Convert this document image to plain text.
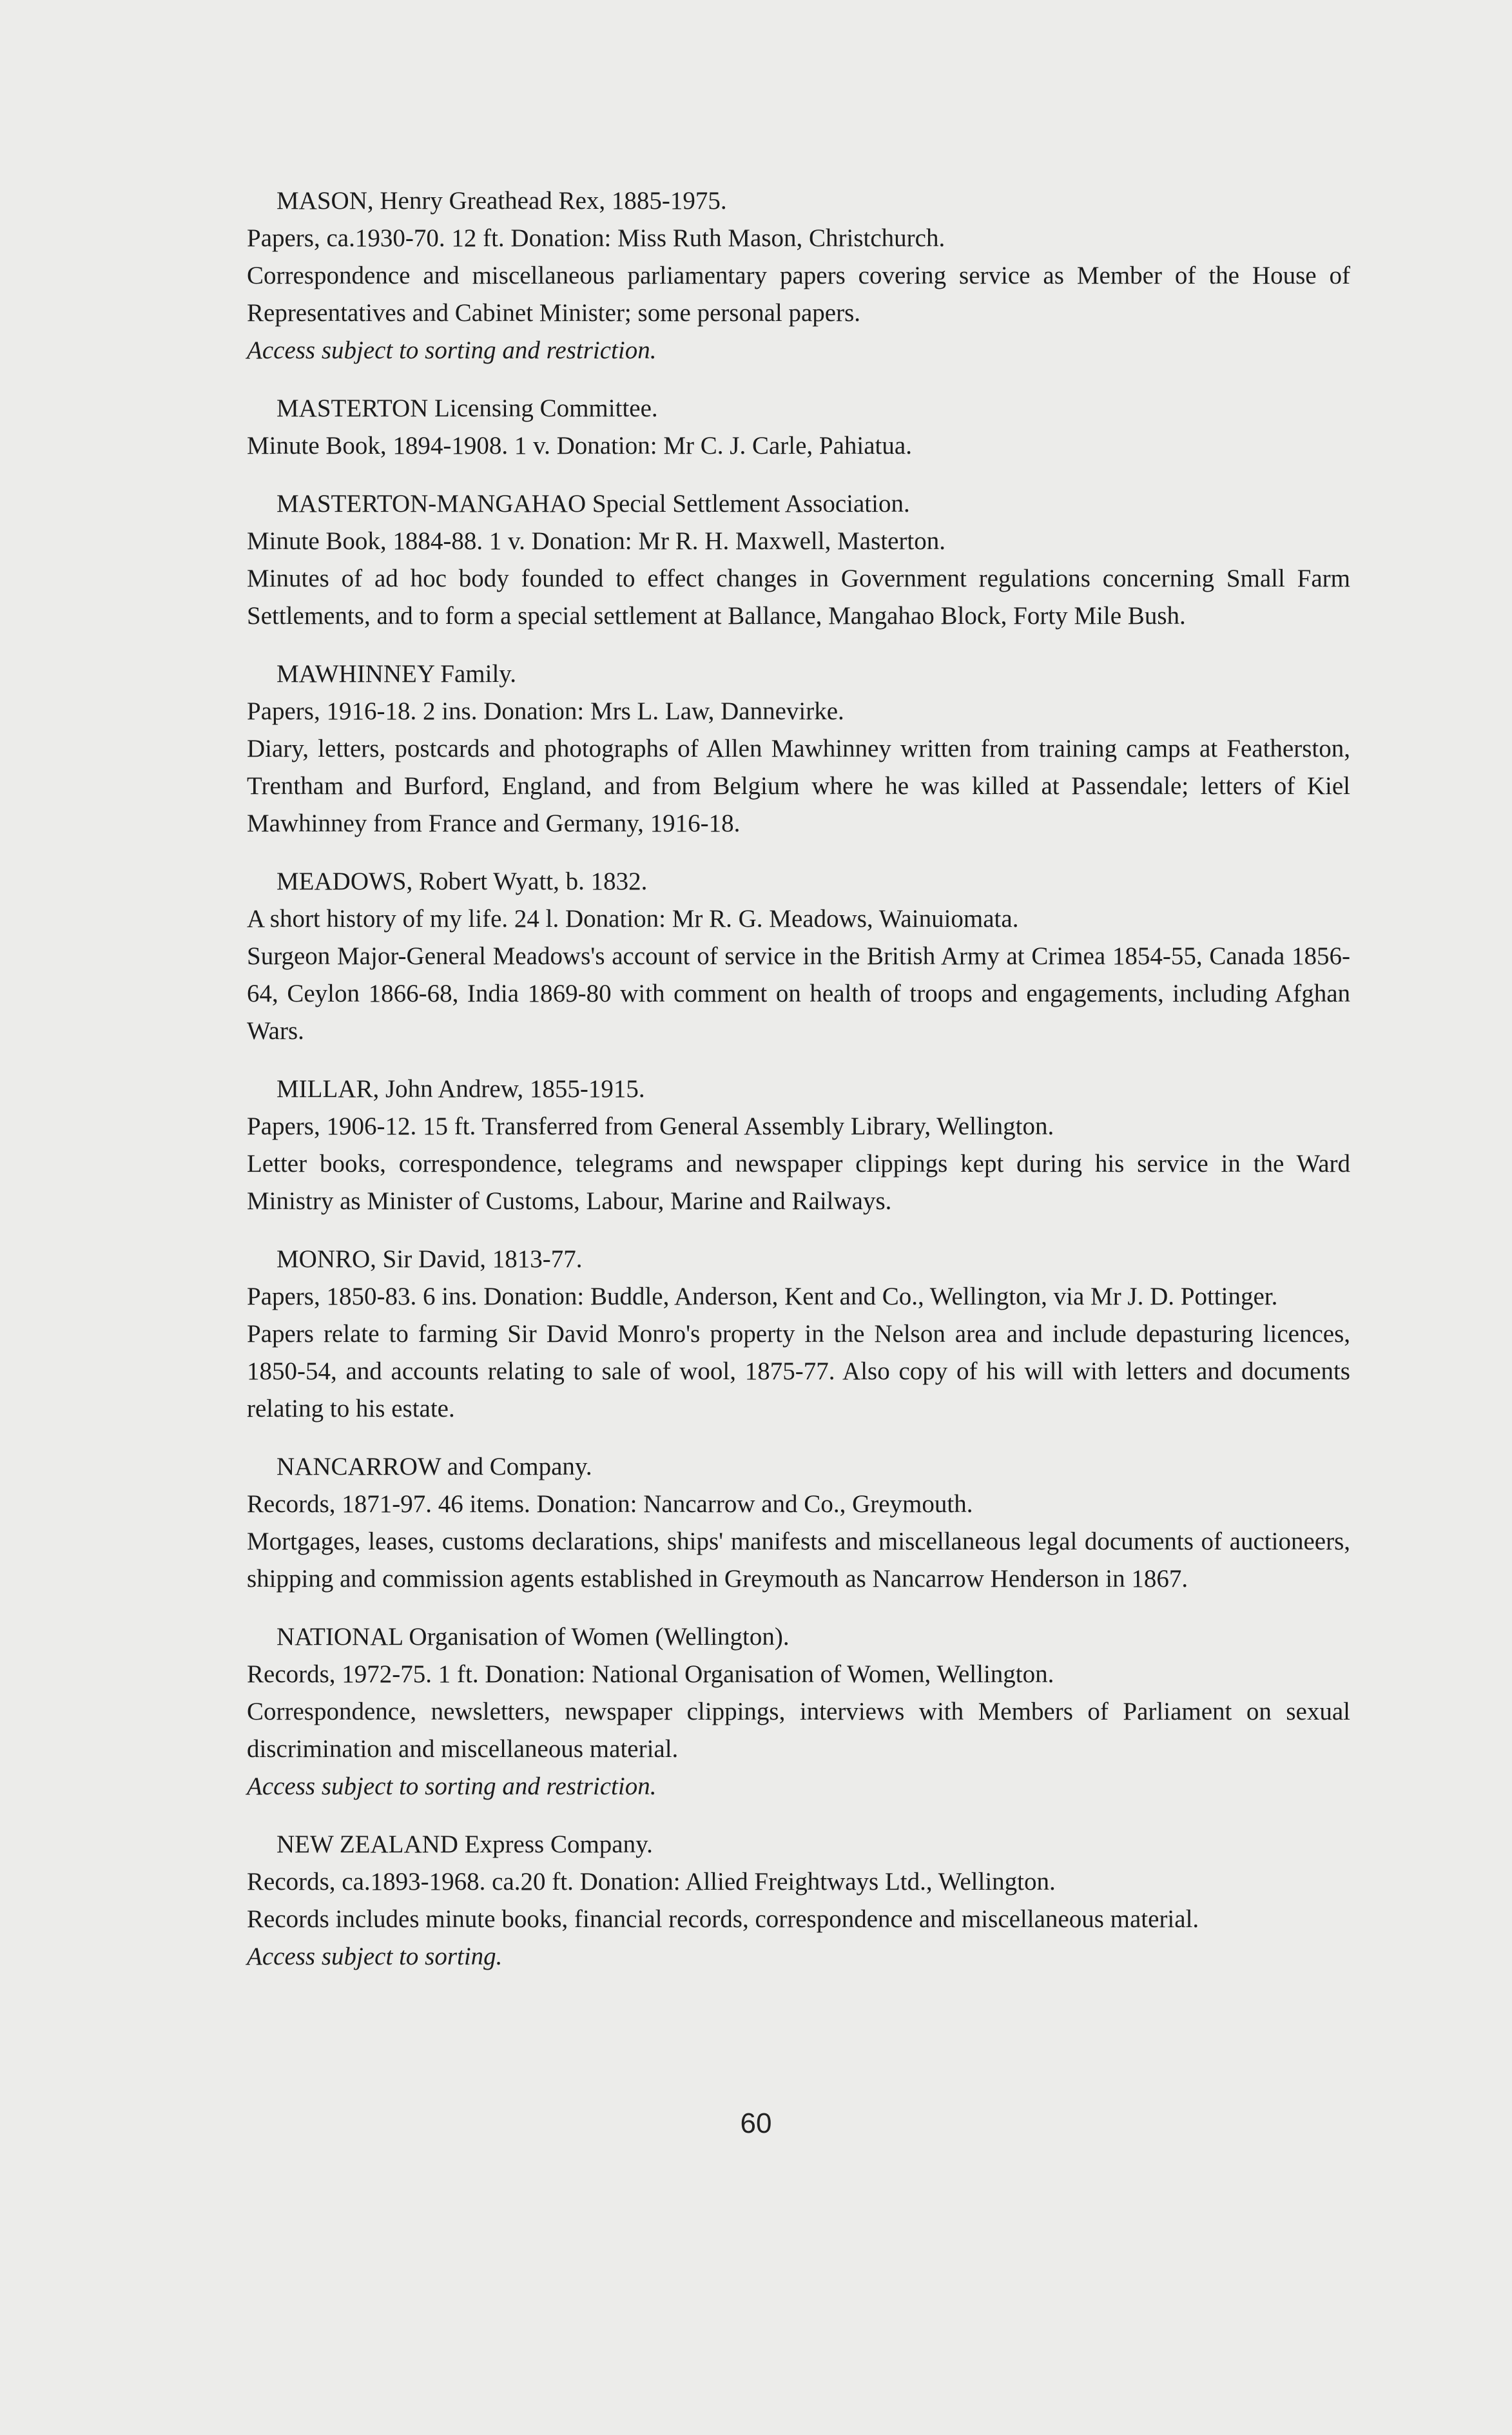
MASON, Henry Greathead Rex, 1885-1975.

Papers, ca.1930-70. 12 ft. Donation: Miss Ruth Mason, Christchurch.

Correspondence and miscellaneous parliamentary papers covering service as Member of the House of Representatives and Cabinet Minister; some personal papers.

Access subject to sorting and restriction.

MASTERTON Licensing Committee.

Minute Book, 1894-1908. 1 v. Donation: Mr C. J. Carle, Pahiatua.

MASTERTON-MANGAHAO Special Settlement Association.

Minute Book, 1884-88. 1 v. Donation: Mr R. H. Maxwell, Masterton.

Minutes of ad hoc body founded to effect changes in Government regulations concerning Small Farm Settlements, and to form a special settlement at Ballance, Mangahao Block, Forty Mile Bush.

MAWHINNEY Family.

Papers, 1916-18. 2 ins. Donation: Mrs L. Law, Dannevirke.

Diary, letters, postcards and photographs of Allen Mawhinney written from training camps at Featherston, Trentham and Burford, England, and from Belgium where he was killed at Passendale; letters of Kiel Mawhinney from France and Germany, 1916-18.

MEADOWS, Robert Wyatt, b. 1832.

A short history of my life. 24 l. Donation: Mr R. G. Meadows, Wainuiomata.

Surgeon Major-General Meadows's account of service in the British Army at Crimea 1854-55, Canada 1856-64, Ceylon 1866-68, India 1869-80 with comment on health of troops and engagements, including Afghan Wars.

MILLAR, John Andrew, 1855-1915.

Papers, 1906-12. 15 ft. Transferred from General Assembly Library, Wellington.

Letter books, correspondence, telegrams and newspaper clippings kept during his service in the Ward Ministry as Minister of Customs, Labour, Marine and Railways.

MONRO, Sir David, 1813-77.

Papers, 1850-83. 6 ins. Donation: Buddle, Anderson, Kent and Co., Wellington, via Mr J. D. Pottinger.

Papers relate to farming Sir David Monro's property in the Nelson area and include depasturing licences, 1850-54, and accounts relating to sale of wool, 1875-77. Also copy of his will with letters and documents relating to his estate.

NANCARROW and Company.

Records, 1871-97. 46 items. Donation: Nancarrow and Co., Greymouth.

Mortgages, leases, customs declarations, ships' manifests and miscellaneous legal documents of auctioneers, shipping and commission agents established in Greymouth as Nancarrow Henderson in 1867.

NATIONAL Organisation of Women (Wellington).

Records, 1972-75. 1 ft. Donation: National Organisation of Women, Wellington.

Correspondence, newsletters, newspaper clippings, interviews with Members of Parliament on sexual discrimination and miscellaneous material.

Access subject to sorting and restriction.

NEW ZEALAND Express Company.

Records, ca.1893-1968. ca.20 ft. Donation: Allied Freightways Ltd., Wellington.

Records includes minute books, financial records, correspondence and miscellaneous material.

Access subject to sorting.

60
